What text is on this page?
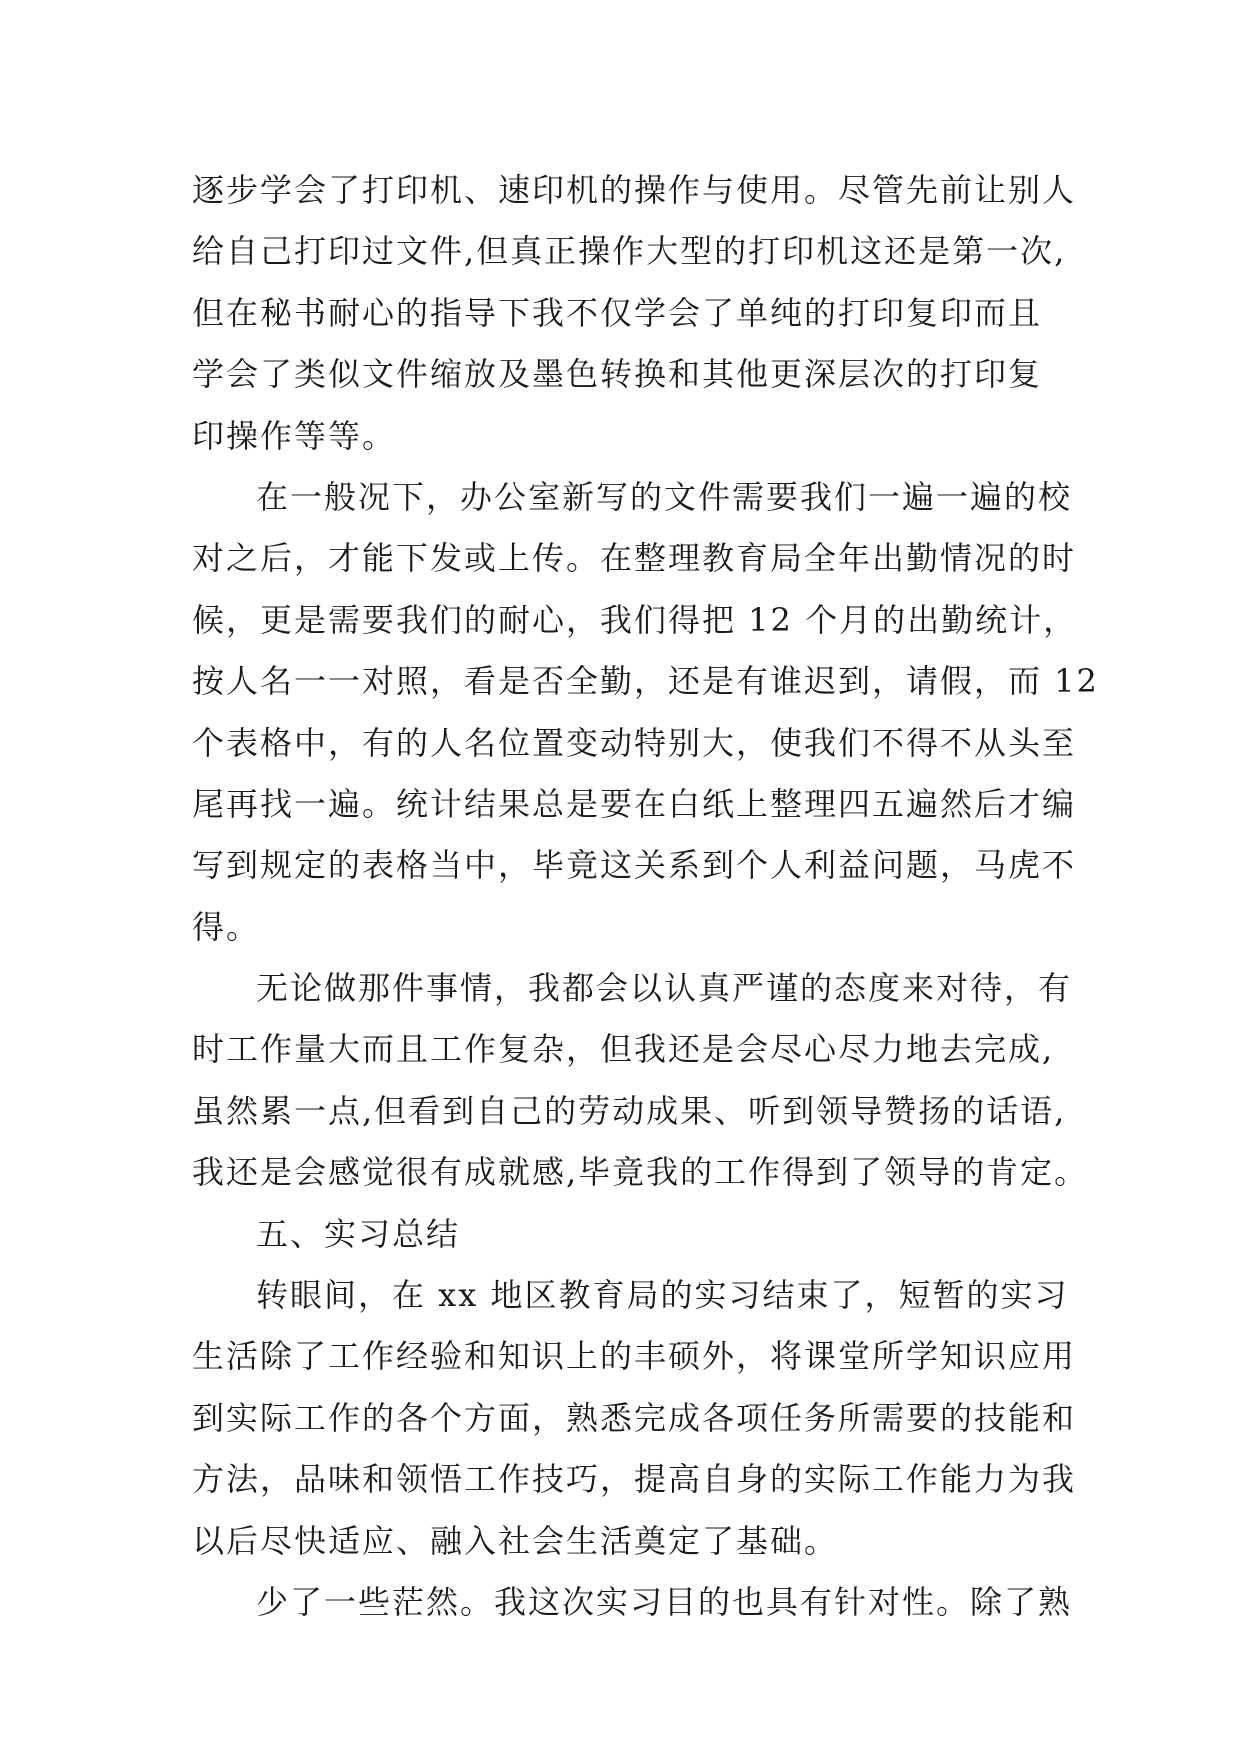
逐步学会了打印机、速印机的操作与使用。尽管先前让别人
给自己打印过文件,但真正操作大型的打印机这还是第一次,
但在秘书耐心的指导下我不仅学会了单纯的打印复印而且
学会了类似文件缩放及墨色转换和其他更深层次的打印复
印操作等等。
在一般况下，办公室新写的文件需要我们一遍一遍的校
对之后，才能下发或上传。在整理教育局全年出勤情况的时
候，更是需要我们的耐心，我们得把 12 个月的出勤统计，
按人名一一对照，看是否全勤，还是有谁迟到，请假，而 12
个表格中，有的人名位置变动特别大，使我们不得不从头至
尾再找一遍。统计结果总是要在白纸上整理四五遍然后才编
写到规定的表格当中，毕竟这关系到个人利益问题，马虎不
得。
无论做那件事情，我都会以认真严谨的态度来对待，有
时工作量大而且工作复杂，但我还是会尽心尽力地去完成,
虽然累一点,但看到自己的劳动成果、听到领导赞扬的话语,
我还是会感觉很有成就感,毕竟我的工作得到了领导的肯定。
五、实习总结
转眼间，在 xx 地区教育局的实习结束了，短暂的实习
生活除了工作经验和知识上的丰硕外，将课堂所学知识应用
到实际工作的各个方面，熟悉完成各项任务所需要的技能和
方法，品味和领悟工作技巧，提高自身的实际工作能力为我
以后尽快适应、融入社会生活奠定了基础。
少了一些茫然。我这次实习目的也具有针对性。除了熟
